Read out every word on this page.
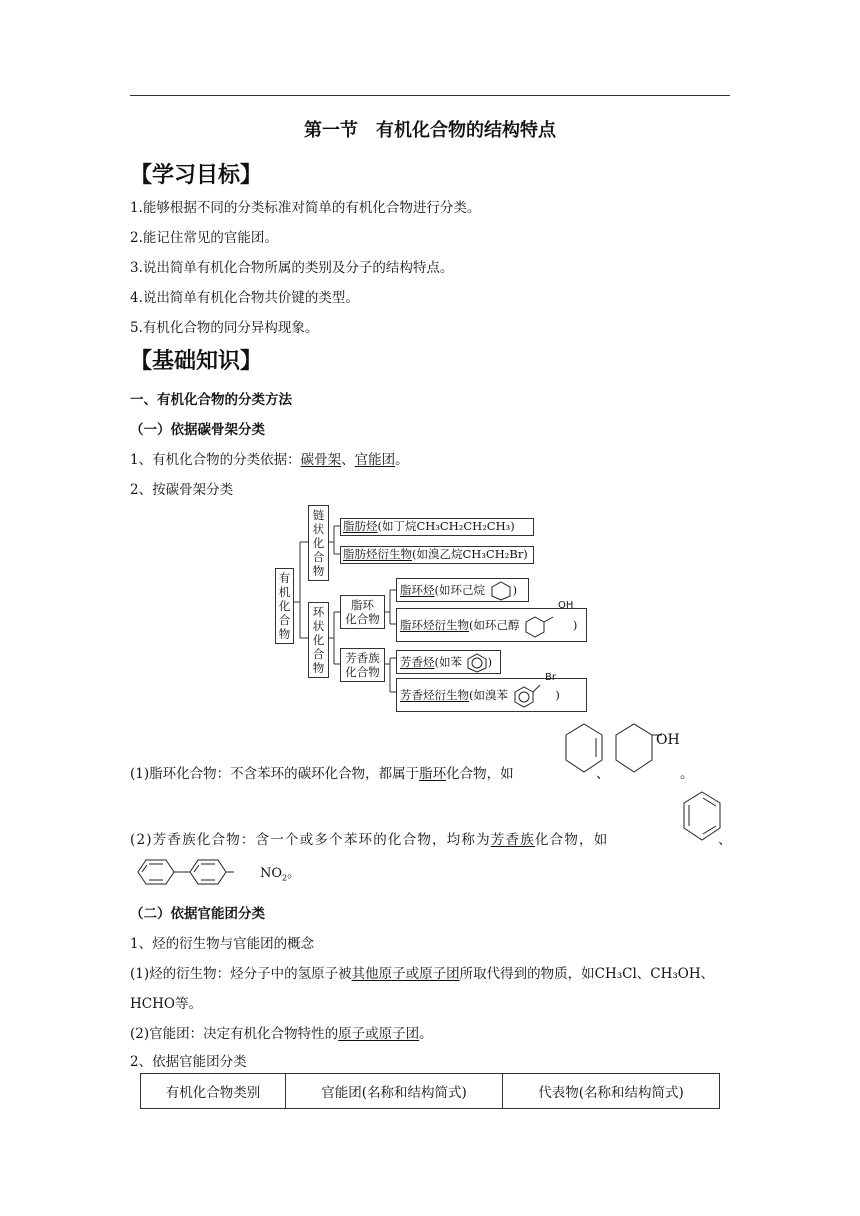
第一节　有机化合物的结构特点
【学习目标】
1.能够根据不同的分类标准对简单的有机化合物进行分类。
2.能记住常见的官能团。
3.说出简单有机化合物所属的类别及分子的结构特点。
4.说出简单有机化合物共价键的类型。
5.有机化合物的同分异构现象。
【基础知识】
一、有机化合物的分类方法
（一）依据碳骨架分类
1、有机化合物的分类依据：碳骨架、官能团。
2、按碳骨架分类
有
机
化
合
物
链
状
化
合
物
环
状
化
合
物
脂环
化合物
芳香族
化合物
脂肪烃(如丁烷CH₃CH₂CH₂CH₃)
脂肪烃衍生物(如溴乙烷CH₃CH₂Br)
脂环烃(如环己烷 )
脂环烃衍生物(如环己醇
OH
)
芳香烃(如苯 )
芳香烃衍生物(如溴苯
Br
)
(1)脂环化合物：不含苯环的碳环化合物，都属于脂环化合物，如	、
OH
。
(2)芳香族化合物：含一个或多个苯环的化合物，均称为芳香族化合物，如	、
$NO_2$。
（二）依据官能团分类
1、烃的衍生物与官能团的概念
(1)烃的衍生物：烃分子中的氢原子被其他原子或原子团所取代得到的物质，如CH₃Cl、CH₃OH、
HCHO等。
(2)官能团：决定有机化合物特性的原子或原子团。
2、依据官能团分类
有机化合物类别	官能团(名称和结构简式)	代表物(名称和结构简式)
